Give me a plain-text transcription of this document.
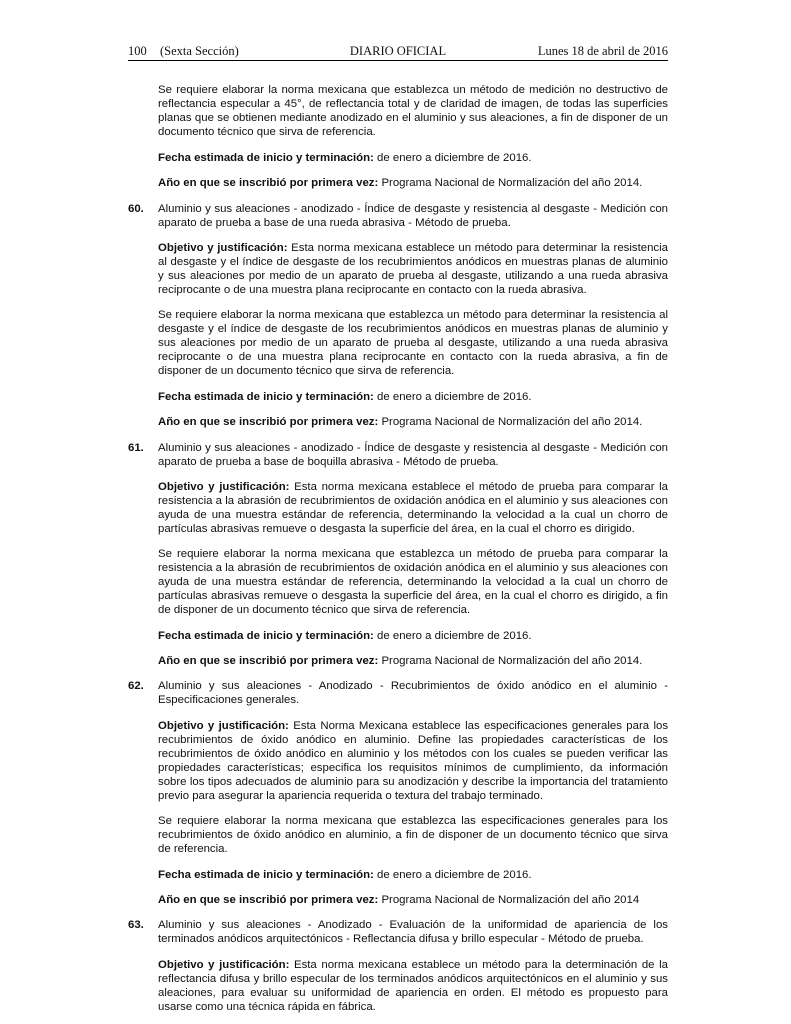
100 (Sexta Sección)	DIARIO OFICIAL	Lunes 18 de abril de 2016

Se requiere elaborar la norma mexicana que establezca un método de medición no destructivo de reflectancia especular a 45°, de reflectancia total y de claridad de imagen, de todas las superficies planas que se obtienen mediante anodizado en el aluminio y sus aleaciones, a fin de disponer de un documento técnico que sirva de referencia.

Fecha estimada de inicio y terminación: de enero a diciembre de 2016.

Año en que se inscribió por primera vez: Programa Nacional de Normalización del año 2014.

60. Aluminio y sus aleaciones - anodizado - Índice de desgaste y resistencia al desgaste - Medición con aparato de prueba a base de una rueda abrasiva - Método de prueba.

Objetivo y justificación: Esta norma mexicana establece un método para determinar la resistencia al desgaste y el índice de desgaste de los recubrimientos anódicos en muestras planas de aluminio y sus aleaciones por medio de un aparato de prueba al desgaste, utilizando a una rueda abrasiva reciprocante o de una muestra plana reciprocante en contacto con la rueda abrasiva.

Se requiere elaborar la norma mexicana que establezca un método para determinar la resistencia al desgaste y el índice de desgaste de los recubrimientos anódicos en muestras planas de aluminio y sus aleaciones por medio de un aparato de prueba al desgaste, utilizando a una rueda abrasiva reciprocante o de una muestra plana reciprocante en contacto con la rueda abrasiva, a fin de disponer de un documento técnico que sirva de referencia.

Fecha estimada de inicio y terminación: de enero a diciembre de 2016.

Año en que se inscribió por primera vez: Programa Nacional de Normalización del año 2014.

61. Aluminio y sus aleaciones - anodizado - Índice de desgaste y resistencia al desgaste - Medición con aparato de prueba a base de boquilla abrasiva - Método de prueba.

Objetivo y justificación: Esta norma mexicana establece el método de prueba para comparar la resistencia a la abrasión de recubrimientos de oxidación anódica en el aluminio y sus aleaciones con ayuda de una muestra estándar de referencia, determinando la velocidad a la cual un chorro de partículas abrasivas remueve o desgasta la superficie del área, en la cual el chorro es dirigido.

Se requiere elaborar la norma mexicana que establezca un método de prueba para comparar la resistencia a la abrasión de recubrimientos de oxidación anódica en el aluminio y sus aleaciones con ayuda de una muestra estándar de referencia, determinando la velocidad a la cual un chorro de partículas abrasivas remueve o desgasta la superficie del área, en la cual el chorro es dirigido, a fin de disponer de un documento técnico que sirva de referencia.

Fecha estimada de inicio y terminación: de enero a diciembre de 2016.

Año en que se inscribió por primera vez: Programa Nacional de Normalización del año 2014.

62. Aluminio y sus aleaciones - Anodizado - Recubrimientos de óxido anódico en el aluminio - Especificaciones generales.

Objetivo y justificación: Esta Norma Mexicana establece las especificaciones generales para los recubrimientos de óxido anódico en aluminio. Define las propiedades características de los recubrimientos de óxido anódico en aluminio y los métodos con los cuales se pueden verificar las propiedades características; especifica los requisitos mínimos de cumplimiento, da información sobre los tipos adecuados de aluminio para su anodización y describe la importancia del tratamiento previo para asegurar la apariencia requerida o textura del trabajo terminado.

Se requiere elaborar la norma mexicana que establezca las especificaciones generales para los recubrimientos de óxido anódico en aluminio, a fin de disponer de un documento técnico que sirva de referencia.

Fecha estimada de inicio y terminación: de enero a diciembre de 2016.

Año en que se inscribió por primera vez: Programa Nacional de Normalización del año 2014

63. Aluminio y sus aleaciones - Anodizado - Evaluación de la uniformidad de apariencia de los terminados anódicos arquitectónicos - Reflectancia difusa y brillo especular - Método de prueba.

Objetivo y justificación: Esta norma mexicana establece un método para la determinación de la reflectancia difusa y brillo especular de los terminados anódicos arquitectónicos en el aluminio y sus aleaciones, para evaluar su uniformidad de apariencia en orden. El método es propuesto para usarse como una técnica rápida en fábrica.
